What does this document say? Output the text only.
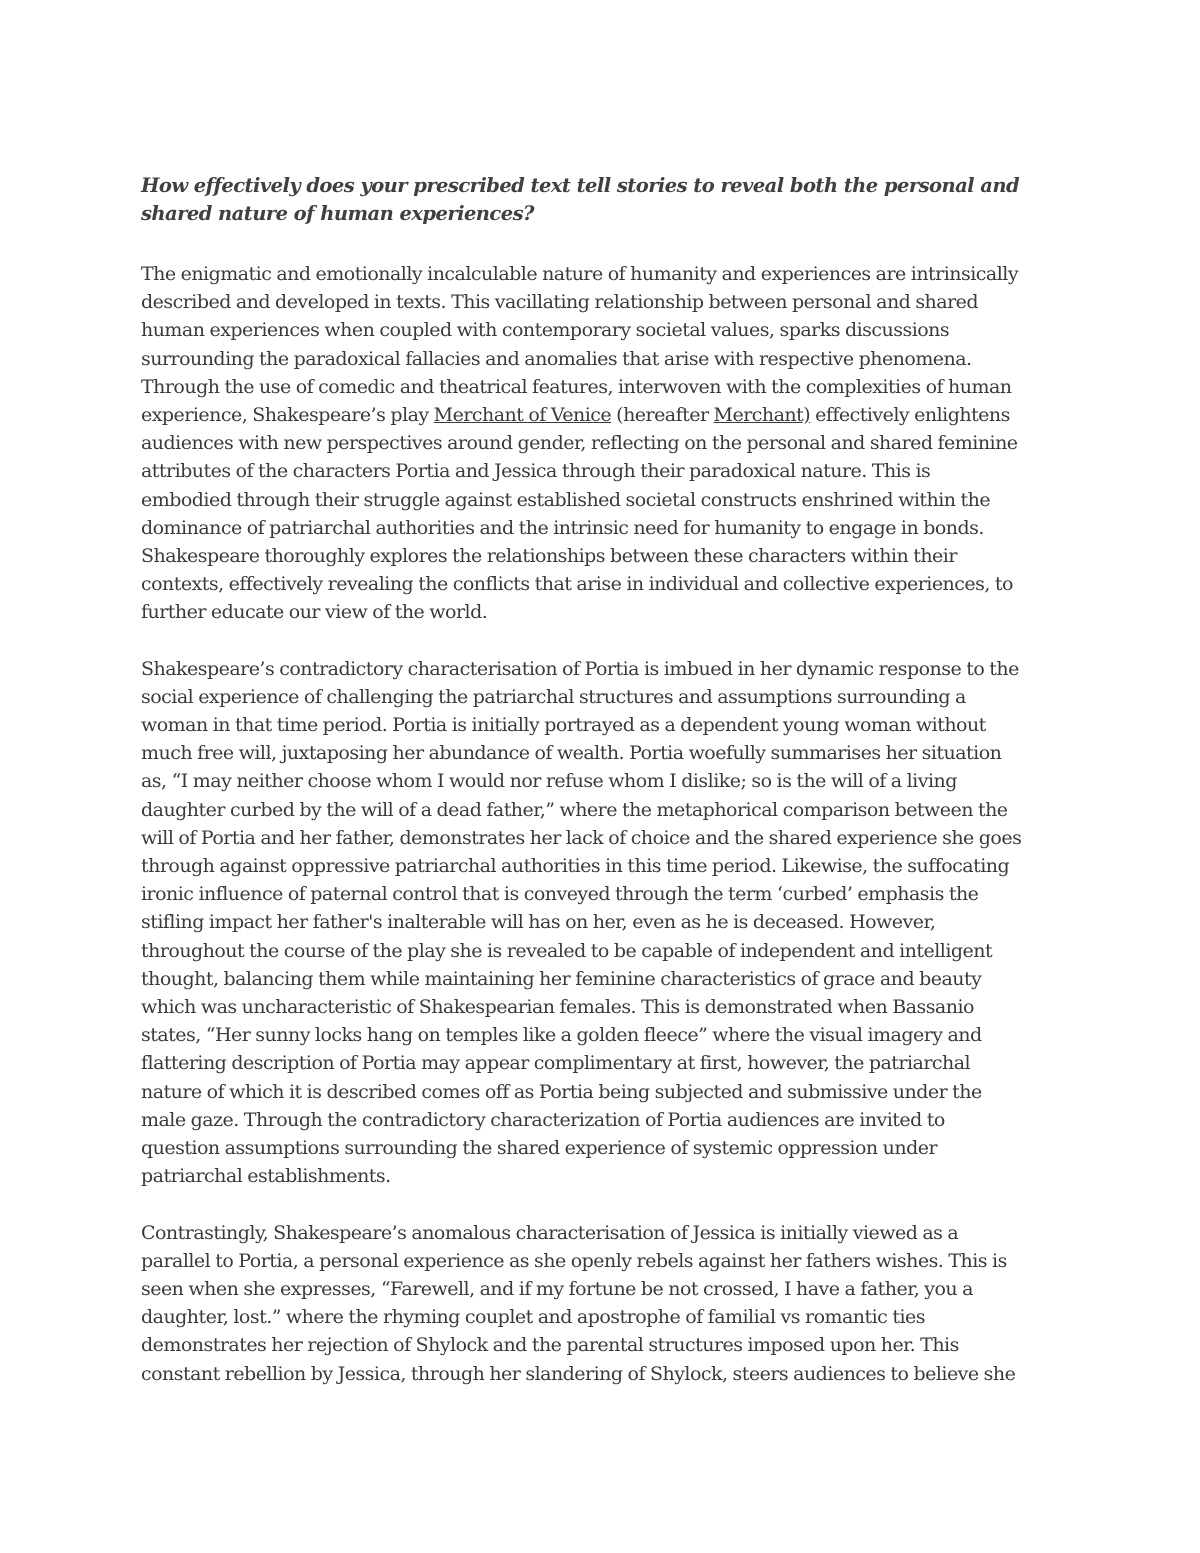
How effectively does your prescribed text tell stories to reveal both the personal and
shared nature of human experiences?

The enigmatic and emotionally incalculable nature of humanity and experiences are intrinsically
described and developed in texts. This vacillating relationship between personal and shared
human experiences when coupled with contemporary societal values, sparks discussions
surrounding the paradoxical fallacies and anomalies that arise with respective phenomena.
Through the use of comedic and theatrical features, interwoven with the complexities of human
experience, Shakespeare’s play Merchant of Venice (hereafter Merchant) effectively enlightens
audiences with new perspectives around gender, reflecting on the personal and shared feminine
attributes of the characters Portia and Jessica through their paradoxical nature. This is
embodied through their struggle against established societal constructs enshrined within the
dominance of patriarchal authorities and the intrinsic need for humanity to engage in bonds.
Shakespeare thoroughly explores the relationships between these characters within their
contexts, effectively revealing the conflicts that arise in individual and collective experiences, to
further educate our view of the world.

Shakespeare’s contradictory characterisation of Portia is imbued in her dynamic response to the
social experience of challenging the patriarchal structures and assumptions surrounding a
woman in that time period. Portia is initially portrayed as a dependent young woman without
much free will, juxtaposing her abundance of wealth. Portia woefully summarises her situation
as, “I may neither choose whom I would nor refuse whom I dislike; so is the will of a living
daughter curbed by the will of a dead father,” where the metaphorical comparison between the
will of Portia and her father, demonstrates her lack of choice and the shared experience she goes
through against oppressive patriarchal authorities in this time period. Likewise, the suffocating
ironic influence of paternal control that is conveyed through the term ‘curbed’ emphasis the
stifling impact her father's inalterable will has on her, even as he is deceased. However,
throughout the course of the play she is revealed to be capable of independent and intelligent
thought, balancing them while maintaining her feminine characteristics of grace and beauty
which was uncharacteristic of Shakespearian females. This is demonstrated when Bassanio
states, “Her sunny locks hang on temples like a golden fleece” where the visual imagery and
flattering description of Portia may appear complimentary at first, however, the patriarchal
nature of which it is described comes off as Portia being subjected and submissive under the
male gaze. Through the contradictory characterization of Portia audiences are invited to
question assumptions surrounding the shared experience of systemic oppression under
patriarchal establishments.

Contrastingly, Shakespeare’s anomalous characterisation of Jessica is initially viewed as a
parallel to Portia, a personal experience as she openly rebels against her fathers wishes. This is
seen when she expresses, “Farewell, and if my fortune be not crossed, I have a father, you a
daughter, lost.” where the rhyming couplet and apostrophe of familial vs romantic ties
demonstrates her rejection of Shylock and the parental structures imposed upon her. This
constant rebellion by Jessica, through her slandering of Shylock, steers audiences to believe she
